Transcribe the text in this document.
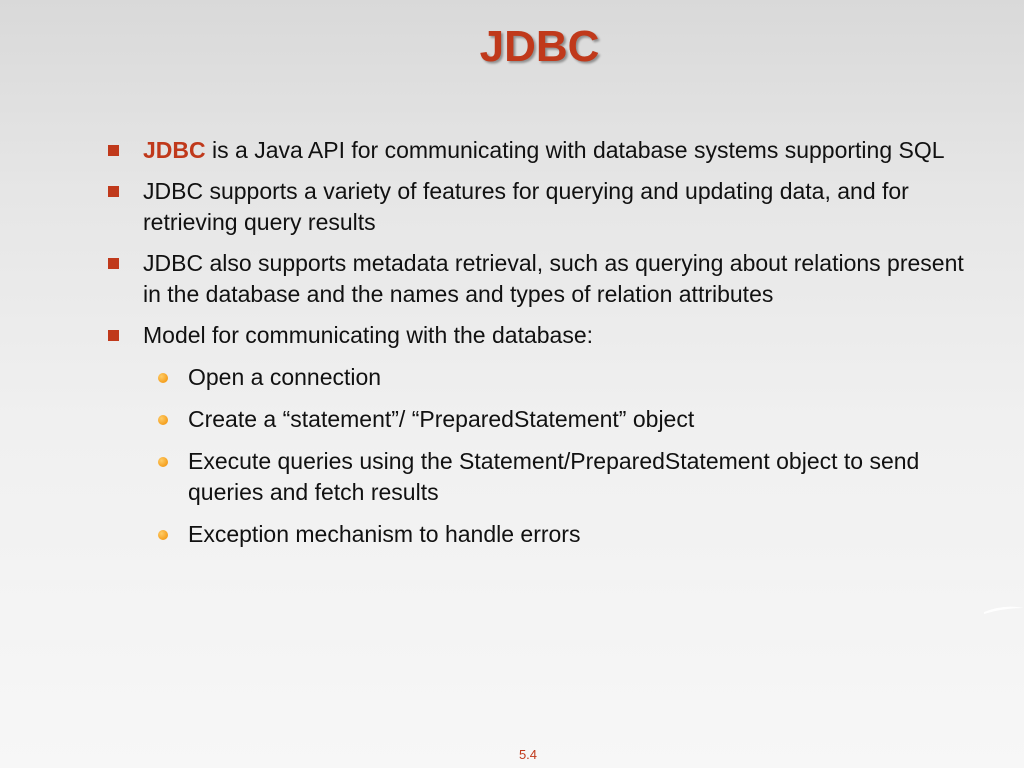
JDBC
JDBC is a Java API for communicating with database systems supporting SQL
JDBC supports a variety of features for querying and updating data, and for retrieving query results
JDBC also supports metadata retrieval, such as querying about relations present in the database and the names and types of relation attributes
Model for communicating with the database:
Open a connection
Create a “statement”/ “PreparedStatement” object
Execute queries using the Statement/PreparedStatement object to send queries and fetch results
Exception mechanism to handle errors
5.4
